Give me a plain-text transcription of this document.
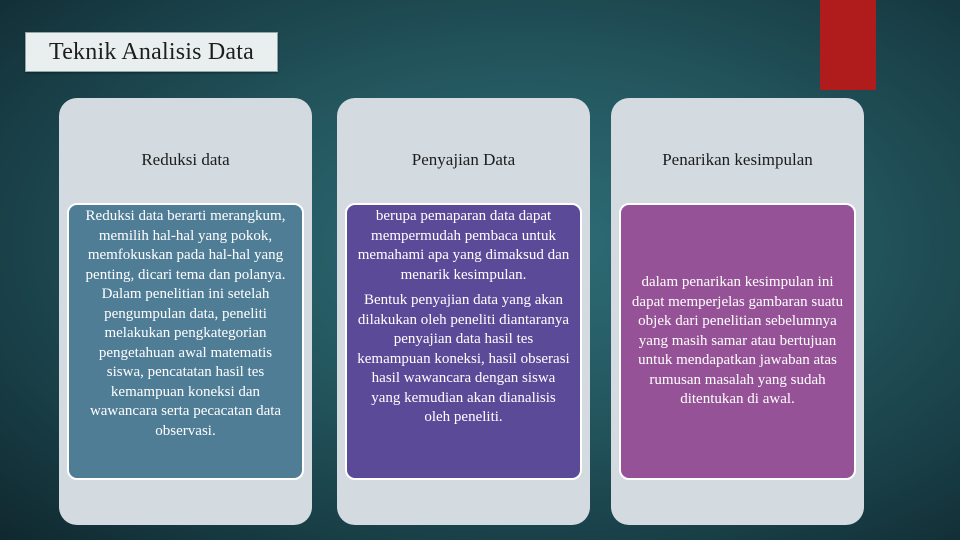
Teknik Analisis Data
Reduksi data

Reduksi data berarti merangkum, memilih hal-hal yang pokok, memfokuskan pada hal-hal yang penting, dicari tema dan polanya. Dalam penelitian ini setelah pengumpulan data, peneliti melakukan pengkategorian pengetahuan awal matematis siswa, pencatatan hasil tes kemampuan koneksi dan wawancara serta pecacatan data observasi.

Penyajian Data

berupa pemaparan data dapat mempermudah pembaca untuk memahami apa yang dimaksud dan menarik kesimpulan.

Bentuk penyajian data yang akan dilakukan oleh peneliti diantaranya penyajian data hasil tes kemampuan koneksi, hasil obserasi hasil wawancara dengan siswa yang kemudian akan dianalisis oleh peneliti.

Penarikan kesimpulan

dalam penarikan kesimpulan ini dapat memperjelas gambaran suatu objek dari penelitian sebelumnya yang masih samar atau bertujuan untuk mendapatkan jawaban atas rumusan masalah yang sudah ditentukan di awal.
